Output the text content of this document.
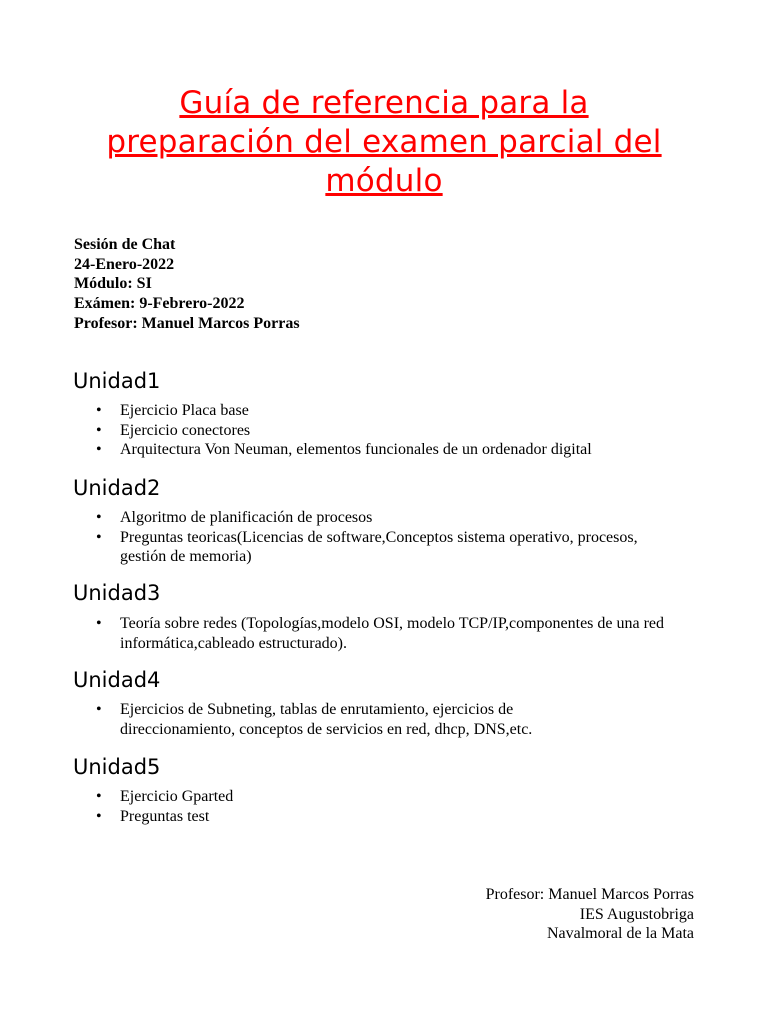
Guía de referencia para la
preparación del examen parcial del
módulo
Sesión de Chat
24-Enero-2022
Módulo: SI
Exámen: 9-Febrero-2022
Profesor: Manuel Marcos Porras
Unidad1
• Ejercicio Placa base
• Ejercicio conectores
• Arquitectura Von Neuman, elementos funcionales de un ordenador digital
Unidad2
• Algoritmo de planificación de procesos
• Preguntas teoricas(Licencias de software,Conceptos sistema operativo, procesos, gestión de memoria)
Unidad3
• Teoría sobre redes (Topologías,modelo OSI, modelo TCP/IP,componentes de una red informática,cableado estructurado).
Unidad4
• Ejercicios de Subneting, tablas de enrutamiento, ejercicios de direccionamiento, conceptos de servicios en red, dhcp, DNS,etc.
Unidad5
• Ejercicio Gparted
• Preguntas test
Profesor: Manuel Marcos Porras
IES Augustobriga
Navalmoral de la Mata
